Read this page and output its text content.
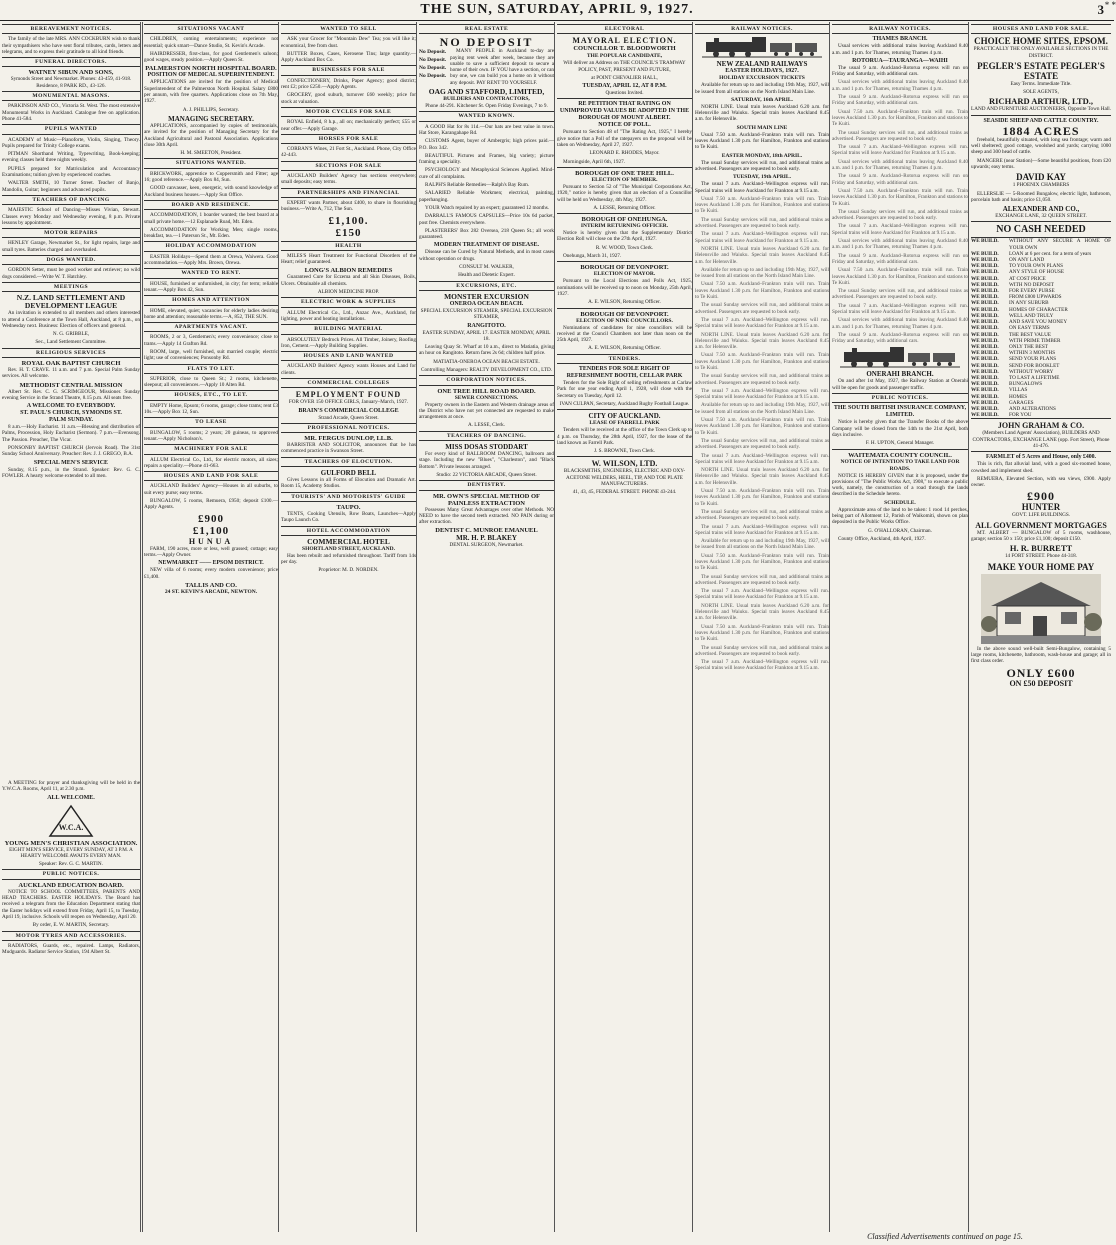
THE SUN, SATURDAY, APRIL 9, 1927.	3 * *
BEREAVEMENT NOTICES.

The family of the late MRS. ANN COCKBURN wish to thank their sympathisers who have sent floral tributes, cards, letters and telegrams, and to express their gratitude to all kind friends.

FUNERAL DIRECTORS.
WATNEY SIBUN AND SONS,

Symonds Street and Newmarket. Phones: 43-459, 41-918. Residence, 8 PARK RD., 43-126.

MONUMENTAL MASONS.

PARKINSON AND CO., Victoria St. West. The most extensive Monumental Works in Auckland. Catalogue free on application. Phone 41-584.

PUPILS WANTED

ACADEMY of Music—Pianoforte, Violin, Singing, Theory. Pupils prepared for Trinity College exams.

PITMAN Shorthand Writing, Typewriting, Book-keeping; evening classes held three nights weekly.

PUPILS prepared for Matriculation and Accountancy Examinations; tuition given by experienced coaches.

WALTER SMITH, 10 Turner Street. Teacher of Banjo, Mandolin, Guitar; beginners and advanced pupils.

TEACHERS OF DANCING

MAJESTIC School of Dancing—Misses Vivian, Stewart. Classes every Monday and Wednesday evening, 8 p.m. Private lessons by appointment.

MOTOR REPAIRS

HENLEY Garage, Newmarket St., for light repairs, large and small tyres. Batteries charged and overhauled.

DOGS WANTED.

GORDON Setter, must be good worker and retriever; no wild dogs considered.—Write W. T. Hatchley.

MEETINGS
N.Z. LAND SETTLEMENT AND DEVELOPMENT LEAGUE

An invitation is extended to all members and others interested to attend a Conference at the Town Hall, Auckland, at 8 p.m., on Wednesday next. Business: Election of officers and general.

N. G. GRIBBLE,

Sec., Land Settlement Committee.

RELIGIOUS SERVICES
ROYAL OAK BAPTIST CHURCH

Rev. H. T. CRAVE. 11 a.m. and 7 p.m. Special Palm Sunday services. All welcome.

METHODIST CENTRAL MISSION

Albert St. Rev. C. G. SCRIMGEOUR, Missioner. Sunday evening Service in the Strand Theatre, 8.15 p.m. All seats free.

A WELCOME TO EVERYBODY.
ST. PAUL'S CHURCH, SYMONDS ST.
PALM SUNDAY.

8 a.m.—Holy Eucharist. 11 a.m.—Blessing and distribution of Palms, Procession, Holy Eucharist (Sermon). 7 p.m.—Evensong. The Passion. Preacher, The Vicar.

PONSONBY BAPTIST CHURCH (Jervois Road). The 31st Sunday School Anniversary. Preacher: Rev. J. J. GREGO, B.A.

SPECIAL MEN'S SERVICE

Sunday, 8.15 p.m., in the Strand. Speaker: Rev. G. C. FOWLER. A hearty welcome extended to all men.

SITUATIONS VACANT

CHILDREN, coming entertainments; experience not essential; quick smart—Dance Studio, St. Kevin's Arcade.

HAIRDRESSER, first-class, for good Gentlemen's saloon; good wages, steady position.—Apply Queen St.

PALMERSTON NORTH HOSPITAL BOARD.
POSITION OF MEDICAL SUPERINTENDENT.

APPLICATIONS are invited for the position of Medical Superintendent of the Palmerston North Hospital. Salary £800 per annum, with free quarters. Applications close on 7th May, 1927.

A. J. PHILLIPS, Secretary.

MANAGING SECRETARY.

APPLICATIONS, accompanied by copies of testimonials, are invited for the position of Managing Secretary for the Auckland Agricultural and Pastoral Association. Applications close 30th April.

H. M. SMEETON, President.

SITUATIONS WANTED.

BRICKWORK, apprentice to Coppersmith and Fitter; age 16; good reference.—Apply Box 84, Sun.

GOOD canvasser, keen, energetic, with sound knowledge of Auckland business houses.—Apply Sun Office.

BOARD AND RESIDENCE.

ACCOMMODATION, 1 boarder wanted; the best board at a small private home.—12 Esplanade Road, Mt. Eden.

ACCOMMODATION for Working Men; single rooms, breakfast, tea.—1 Paterson St., Mt. Eden.

HOLIDAY ACCOMMODATION

EASTER Holidays—Spend them at Orewa, Waiwera. Good accommodation.—Apply Mrs. Brown, Orewa.

WANTED TO RENT.

HOUSE, furnished or unfurnished, in city; for term; reliable tenant.—Apply Box 42, Sun.

HOMES AND ATTENTION

HOME, elevated, quiet; vacancies for elderly ladies desiring home and attention; reasonable terms.—A, 852, THE SUN.

APARTMENTS VACANT.

ROOMS, 2 or 3, Gentlemen's; every convenience; close to trams.—Apply 14 Grafton Rd.

ROOM, large, well furnished, suit married couple; electric light; use of conveniences; Ponsonby Rd.

FLATS TO LET.

SUPERIOR, close to Queen St.; 2 rooms, kitchenette, sleepout; all conveniences.—Apply 10 Alten Rd.

HOUSES, ETC., TO LET.

EMPTY Home, Epsom; 6 rooms, garage; close trams; rent £3 10s.—Apply Box 12, Sun.

TO LEASE

BUNGALOW, 5 rooms; 2 years; 20 guineas, to approved tenant.—Apply Nicholson's.

MACHINERY FOR SALE

ALLUM Electrical Co., Ltd., for electric motors, all sizes; repairs a speciality.—Phone 41-663.

HOUSES AND LAND FOR SALE

AUCKLAND Builders' Agency—Houses in all suburbs, to suit every purse; easy terms.

BUNGALOW, 5 rooms, Remuera, £950; deposit £100.—Apply Agents.

£900
£1,100
HUNUA

FARM, 190 acres, more or less, well grassed; cottage; easy terms.—Apply Owner.

NEWMARKET —— EPSOM DISTRICT.

NEW villa of 6 rooms; every modern convenience; price £1,400.

TALLIS AND CO.
24 ST. KEVIN'S ARCADE, NEWTON.

A MEETING for prayer and thanksgiving will be held in the Y.W.C.A. Rooms, April 11, at 2.30 p.m.

ALL WELCOME.
W.C.A.
YOUNG MEN'S CHRISTIAN ASSOCIATION.

EIGHT MEN'S SERVICE, EVERY SUNDAY, AT 3 P.M. A HEARTY WELCOME AWAITS EVERY MAN.

Speaker: Rev. G. C. MARTIN.

PUBLIC NOTICES.
AUCKLAND EDUCATION BOARD.

NOTICE TO SCHOOL COMMITTEES, PARENTS AND HEAD TEACHERS. EASTER HOLIDAYS. The Board has received a telegram from the Education Department stating that the Easter holidays will extend from Friday, April 15, to Tuesday, April 19, inclusive. Schools will reopen on Wednesday, April 20.

By order, E. W. MARTIN, Secretary.

MOTOR TYRES AND ACCESSORIES.

RADIATORS, Guards, etc., repaired. Lamps, Radiators, Mudguards. Radiator Service Station, 194 Albert St.

WANTED TO SELL

ASK your Grocer for "Mountain Dew" Tea; you will like it; economical, free from dust.

BUTTER Boxes, Cases, Kerosene Tins; large quantity.—Apply Auckland Box Co.

BUSINESSES FOR SALE

CONFECTIONERY, Drinks, Paper Agency; good district; rent £2; price £250.—Apply Agents.

GROCERY, good suburb, turnover £60 weekly; price for stock at valuation.

MOTOR CYCLES FOR SALE

ROYAL Enfield, 8 h.p., all on; mechanically perfect; £55 or near offer.—Apply Garage.

HORSES FOR SALE

CORBAN'S Wines, 21 Fort St., Auckland. Phone, City Office 42-443.

SECTIONS FOR SALE

AUCKLAND Builders' Agency has sections everywhere; small deposits; easy terms.

PARTNERSHIPS AND FINANCIAL

EXPERT wants Partner, about £400, to share in flourishing business.—Write A, 712, The Sun.

£1,100.
£150
HEALTH

MILES'S Heart Treatment for Functional Disorders of the Heart; relief guaranteed.

LONG'S ALBION REMEDIES

Guaranteed Cure for Eczema and all Skin Diseases, Boils, Ulcers. Obtainable all chemists.

ALBION MEDICINE PROP.

ELECTRIC WORK & SUPPLIES

ALLUM Electrical Co., Ltd., Anzac Ave., Auckland, for lighting, power and heating installations.

BUILDING MATERIAL

ABSOLUTELY Bedrock Prices. All Timber, Joinery, Roofing Iron, Cement.—Apply Building Supplies.

HOUSES AND LAND WANTED

AUCKLAND Builders' Agency wants Houses and Land for clients.

COMMERCIAL COLLEGES
EMPLOYMENT FOUND

FOR OVER 150 OFFICE GIRLS, January–March, 1927.

BRAIN'S COMMERCIAL COLLEGE

Strand Arcade, Queen Street.

PROFESSIONAL NOTICES.
MR. FERGUS DUNLOP, LL.B.

BARRISTER AND SOLICITOR, announces that he has commenced practice in Swanson Street.

TEACHERS OF ELOCUTION.
GULFORD BELL

Gives Lessons in all Forms of Elocution and Dramatic Art. Room 15, Academy Studios.

TOURISTS' AND MOTORISTS' GUIDE
TAUPO.

TENTS, Cooking Utensils, Row Boats, Launches—Apply Taupo Launch Co.

HOTEL ACCOMMODATION
COMMERCIAL HOTEL
SHORTLAND STREET, AUCKLAND.

Has been rebuilt and refurnished throughout. Tariff from 14s per day.

Proprietor: M. D. NORDEN.

REAL ESTATE
NO DEPOSIT
No Deposit.
No Deposit.
No Deposit.
No Deposit.

MANY PEOPLE in Auckland to-day are paying rent week after week, because they are unable to save a sufficient deposit to secure a home of their own. IF YOU have a section, or can buy one, we can build you a home on it without any deposit. PAY RENT TO YOURSELF.

OAG AND STAFFORD, LIMITED,
BUILDERS AND CONTRACTORS,

Phone 44-291. Kitchener St. Open Friday Evenings, 7 to 9.

WANTED KNOWN.

A GOOD Hat for 8s 11d.—Our hats are best value in town. Hat Store, Karangahape Rd.

CUSTOMS Agent, buyer of Ambergris; high prices paid.—P.O. Box 342.

BEAUTIFUL Pictures and Frames, big variety; picture framing a speciality.

PSYCHOLOGY and Metaphysical Sciences Applied. Mind-cure of all complaints.

RALPH'S Reliable Remedies—Ralph's Bay Rum.

SALARIED Reliable Workmen; electrical, painting, paperhanging.

YOUR Watch repaired by an expert; guaranteed 12 months.

DARRALL'S FAMOUS CAPSULES—Price 10s 6d packet, post free. Chemists everywhere.

PLASTERERS' Box 282 Oversea, 218 Queen St.; all work guaranteed.

MODERN TREATMENT OF DISEASE.

Disease can be Cured by Natural Methods, and in most cases without operation or drugs.

CONSULT M. WALKER,

Health and Dietetic Expert.

EXCURSIONS, ETC.
MONSTER EXCURSION
ONEROA OCEAN BEACH.

SPECIAL EXCURSION STEAMER, SPECIAL EXCURSION STEAMER,

RANGITOTO.

EASTER SUNDAY, APRIL 17. EASTER MONDAY, APRIL 18.

Leaving Quay St. Wharf at 10 a.m., direct to Matiatia, giving an hour on Rangitoto. Return fares 2s 6d; children half price.

MATIATIA-ONEROA OCEAN BEACH ESTATE.

Controlling Managers: REALTY DEVELOPMENT CO., LTD.

CORPORATION NOTICES.
ONE TREE HILL ROAD BOARD.
SEWER CONNECTIONS.

Property owners in the Eastern and Western drainage areas of the District who have not yet connected are requested to make arrangements at once.

A. LESSE, Clerk.

TEACHERS OF DANCING.
MISS DOSAS STODDART

For every kind of BALLROOM DANCING, ballroom and stage. Including the new "Blues", "Charleston", and "Black Bottom". Private lessons arranged.

Studio: 22 VICTORIA ARCADE, Queen Street.

DENTISTRY.
MR. OWN'S SPECIAL METHOD OF PAINLESS EXTRACTION

Possesses Many Great Advantages over other Methods. NO NEED to have the second teeth extracted. NO PAIN during or after extraction.

DENTIST C. MUNROE EMANUEL
MR. H. P. BLAKEY

DENTAL SURGEON, Newmarket.

ELECTORAL
MAYORAL ELECTION.
COUNCILLOR T. BLOODWORTH
THE POPULAR CANDIDATE,

Will deliver an Address on THE COUNCIL'S TRAMWAY POLICY, PAST, PRESENT AND FUTURE,

at POINT CHEVALIER HALL,

TUESDAY, APRIL 12, AT 8 P.M.

Questions Invited.

RE PETITION THAT RATING ON UNIMPROVED VALUES BE ADOPTED IN THE BOROUGH OF MOUNT ALBERT.
NOTICE OF POLL.

Pursuant to Section 48 of "The Rating Act, 1925," I hereby give notice that a Poll of the ratepayers on the proposal will be taken on Wednesday, April 27, 1927.

LEONARD E. RHODES, Mayor.

Morningside, April 6th, 1927.

BOROUGH OF ONE TREE HILL.
ELECTION OF MEMBER.

Pursuant to Section 52 of "The Municipal Corporations Act, 1920," notice is hereby given that an election of a Councillor will be held on Wednesday, 4th May, 1927.

A. LESSE, Returning Officer.

BOROUGH OF ONEHUNGA.
INTERIM RETURNING OFFICER.

Notice is hereby given that the Supplementary District Election Roll will close on the 27th April, 1927.

R. W. WOOD, Town Clerk.

Onehunga, March 31, 1927.

BOROUGH OF DEVONPORT.
ELECTION OF MAYOR.

Pursuant to the Local Elections and Polls Act, 1925, nominations will be received up to noon on Monday, 25th April, 1927.

A. E. WILSON, Returning Officer.

BOROUGH OF DEVONPORT.
ELECTION OF NINE COUNCILLORS.

Nominations of candidates for nine councillors will be received at the Council Chambers not later than noon on the 25th April, 1927.

A. E. WILSON, Returning Officer.

TENDERS.
TENDERS FOR SOLE RIGHT OF REFRESHMENT BOOTH, CELLAR PARK

Tenders for the Sole Right of selling refreshments at Carlaw Park for one year ending April 1, 1928, will close with the Secretary on Tuesday, April 12.

IVAN CULPAN, Secretary, Auckland Rugby Football League.

CITY OF AUCKLAND.
LEASE OF FARRELL PARK

Tenders will be received at the office of the Town Clerk up to 4 p.m. on Thursday, the 28th April, 1927, for the lease of the land known as Farrell Park.

J. S. BROWNE, Town Clerk.

W. WILSON, LTD.

BLACKSMITHS, ENGINEERS, ELECTRIC AND OXY-ACETONE WELDERS, HEEL, TIP, AND TOE PLATE MANUFACTURERS.

41, 43, 45, FEDERAL STREET. PHONE 43-244.

RAILWAY NOTICES.
NEW ZEALAND RAILWAYS
EASTER HOLIDAYS, 1927.
HOLIDAY EXCURSION TICKETS

Available for return up to and including 19th May, 1927, will be issued from all stations on the North Island Main Line.

SATURDAY, 16th APRIL.

NORTH LINE. Usual train leaves Auckland 6.20 a.m. for Helensville and Waiuku. Special train leaves Auckland 8.45 a.m. for Helensville.

SOUTH MAIN LINE

Usual 7.50 a.m. Auckland–Frankton train will run. Train leaves Auckland 1.30 p.m. for Hamilton, Frankton and stations to Te Kuiti.

EASTER MONDAY, 18th APRIL.

The usual Sunday services will run, and additional trains as advertised. Passengers are requested to book early.

TUESDAY, 19th APRIL.

The usual 7 a.m. Auckland–Wellington express will run. Special trains will leave Auckland for Frankton at 9.15 a.m.

Usual 7.50 a.m. Auckland–Frankton train will run. Train leaves Auckland 1.30 p.m. for Hamilton, Frankton and stations to Te Kuiti.

The usual Sunday services will run, and additional trains as advertised. Passengers are requested to book early.

The usual 7 a.m. Auckland–Wellington express will run. Special trains will leave Auckland for Frankton at 9.15 a.m.

NORTH LINE. Usual train leaves Auckland 6.20 a.m. for Helensville and Waiuku. Special train leaves Auckland 8.45 a.m. for Helensville.

Available for return up to and including 19th May, 1927, will be issued from all stations on the North Island Main Line.

Usual 7.50 a.m. Auckland–Frankton train will run. Train leaves Auckland 1.30 p.m. for Hamilton, Frankton and stations to Te Kuiti.

The usual Sunday services will run, and additional trains as advertised. Passengers are requested to book early.

The usual 7 a.m. Auckland–Wellington express will run. Special trains will leave Auckland for Frankton at 9.15 a.m.

NORTH LINE. Usual train leaves Auckland 6.20 a.m. for Helensville and Waiuku. Special train leaves Auckland 8.45 a.m. for Helensville.

Usual 7.50 a.m. Auckland–Frankton train will run. Train leaves Auckland 1.30 p.m. for Hamilton, Frankton and stations to Te Kuiti.

The usual Sunday services will run, and additional trains as advertised. Passengers are requested to book early.

The usual 7 a.m. Auckland–Wellington express will run. Special trains will leave Auckland for Frankton at 9.15 a.m.

Available for return up to and including 19th May, 1927, will be issued from all stations on the North Island Main Line.

Usual 7.50 a.m. Auckland–Frankton train will run. Train leaves Auckland 1.30 p.m. for Hamilton, Frankton and stations to Te Kuiti.

The usual Sunday services will run, and additional trains as advertised. Passengers are requested to book early.

The usual 7 a.m. Auckland–Wellington express will run. Special trains will leave Auckland for Frankton at 9.15 a.m.

NORTH LINE. Usual train leaves Auckland 6.20 a.m. for Helensville and Waiuku. Special train leaves Auckland 8.45 a.m. for Helensville.

Usual 7.50 a.m. Auckland–Frankton train will run. Train leaves Auckland 1.30 p.m. for Hamilton, Frankton and stations to Te Kuiti.

The usual Sunday services will run, and additional trains as advertised. Passengers are requested to book early.

The usual 7 a.m. Auckland–Wellington express will run. Special trains will leave Auckland for Frankton at 9.15 a.m.

Available for return up to and including 19th May, 1927, will be issued from all stations on the North Island Main Line.

Usual 7.50 a.m. Auckland–Frankton train will run. Train leaves Auckland 1.30 p.m. for Hamilton, Frankton and stations to Te Kuiti.

The usual Sunday services will run, and additional trains as advertised. Passengers are requested to book early.

The usual 7 a.m. Auckland–Wellington express will run. Special trains will leave Auckland for Frankton at 9.15 a.m.

NORTH LINE. Usual train leaves Auckland 6.20 a.m. for Helensville and Waiuku. Special train leaves Auckland 8.45 a.m. for Helensville.

Usual 7.50 a.m. Auckland–Frankton train will run. Train leaves Auckland 1.30 p.m. for Hamilton, Frankton and stations to Te Kuiti.

The usual Sunday services will run, and additional trains as advertised. Passengers are requested to book early.

The usual 7 a.m. Auckland–Wellington express will run. Special trains will leave Auckland for Frankton at 9.15 a.m.

RAILWAY NOTICES.
THAMES BRANCH.

Usual services with additional trains leaving Auckland 8.40 a.m. and 1 p.m. for Thames, returning Thames 4 p.m.

ROTORUA—TAURANGA—WAIHI

The usual 9 a.m. Auckland–Rotorua express will run on Friday and Saturday, with additional cars.

Usual services with additional trains leaving Auckland 8.40 a.m. and 1 p.m. for Thames, returning Thames 4 p.m.

The usual 9 a.m. Auckland–Rotorua express will run on Friday and Saturday, with additional cars.

Usual 7.50 a.m. Auckland–Frankton train will run. Train leaves Auckland 1.30 p.m. for Hamilton, Frankton and stations to Te Kuiti.

The usual Sunday services will run, and additional trains as advertised. Passengers are requested to book early.

The usual 7 a.m. Auckland–Wellington express will run. Special trains will leave Auckland for Frankton at 9.15 a.m.

Usual services with additional trains leaving Auckland 8.40 a.m. and 1 p.m. for Thames, returning Thames 4 p.m.

The usual 9 a.m. Auckland–Rotorua express will run on Friday and Saturday, with additional cars.

Usual 7.50 a.m. Auckland–Frankton train will run. Train leaves Auckland 1.30 p.m. for Hamilton, Frankton and stations to Te Kuiti.

The usual Sunday services will run, and additional trains as advertised. Passengers are requested to book early.

The usual 7 a.m. Auckland–Wellington express will run. Special trains will leave Auckland for Frankton at 9.15 a.m.

Usual services with additional trains leaving Auckland 8.40 a.m. and 1 p.m. for Thames, returning Thames 4 p.m.

The usual 9 a.m. Auckland–Rotorua express will run on Friday and Saturday, with additional cars.

Usual 7.50 a.m. Auckland–Frankton train will run. Train leaves Auckland 1.30 p.m. for Hamilton, Frankton and stations to Te Kuiti.

The usual Sunday services will run, and additional trains as advertised. Passengers are requested to book early.

The usual 7 a.m. Auckland–Wellington express will run. Special trains will leave Auckland for Frankton at 9.15 a.m.

Usual services with additional trains leaving Auckland 8.40 a.m. and 1 p.m. for Thames, returning Thames 4 p.m.

The usual 9 a.m. Auckland–Rotorua express will run on Friday and Saturday, with additional cars.

ONERAHI BRANCH.

On and after 1st May, 1927, the Railway Station at Onerahi will be open for goods and passenger traffic.

PUBLIC NOTICES.
THE SOUTH BRITISH INSURANCE COMPANY, LIMITED.

Notice is hereby given that the Transfer Books of the above Company will be closed from the 14th to the 21st April, both days inclusive.

F. H. UPTON, General Manager.

WAITEMATA COUNTY COUNCIL.
NOTICE OF INTENTION TO TAKE LAND FOR ROADS.

NOTICE IS HEREBY GIVEN that it is proposed, under the provisions of "The Public Works Act, 1908," to execute a public work, namely, the construction of a road through the lands described in the Schedule hereto.

SCHEDULE.

Approximate area of the land to be taken: 1 rood 14 perches, being part of Allotment 12, Parish of Waikomiti, shown on plan deposited in the Public Works Office.

G. O'HALLORAN, Chairman.

County Office, Auckland, 4th April, 1927.

HOUSES AND LAND FOR SALE.
CHOICE HOME SITES, EPSOM.

PRACTICALLY THE ONLY AVAILABLE SECTIONS IN THE DISTRICT.

PEGLER'S ESTATE PEGLER'S ESTATE

Easy Terms. Immediate Title.

SOLE AGENTS,

RICHARD ARTHUR, LTD.,

LAND AND FURNITURE AUCTIONEERS, Opposite Town Hall.

SEASIDE SHEEP AND CATTLE COUNTRY.
1884 ACRES

freehold, beautifully situated, with long sea frontage; warm and well sheltered; good cottage, woolshed and yards; carrying 1000 sheep and 300 head of cattle.

MANGERE (near Station)—Some beautiful positions, from £20 upwards; easy terms.

DAVID KAY

1 PHOENIX CHAMBERS

ELLERSLIE — 5-Roomed Bungalow, electric light, bathroom, porcelain bath and basin; price £1,050.

ALEXANDER AND CO.,

EXCHANGE LANE, 32 QUEEN STREET.

NO CASH NEEDED
WE BUILD.	WITHOUT ANY SECURE A HOME OF YOUR OWN
WE BUILD.	LOAN at 6 per cent. for a term of years
WE BUILD.	ON ANY LAND
WE BUILD.	TO YOUR OWN PLANS
WE BUILD.	ANY STYLE OF HOUSE
WE BUILD.	AT COST PRICE
WE BUILD.	WITH NO DEPOSIT
WE BUILD.	FOR EVERY PURSE
WE BUILD.	FROM £800 UPWARDS
WE BUILD.	IN ANY SUBURB
WE BUILD.	HOMES OF CHARACTER
WE BUILD.	WELL AND TRULY
WE BUILD.	AND SAVE YOU MONEY
WE BUILD.	ON EASY TERMS
WE BUILD.	THE BEST VALUE
WE BUILD.	WITH PRIME TIMBER
WE BUILD.	ONLY THE BEST
WE BUILD.	WITHIN 3 MONTHS
WE BUILD.	SEND YOUR PLANS
WE BUILD.	SEND FOR BOOKLET
WE BUILD.	WITHOUT WORRY
WE BUILD.	TO LAST A LIFETIME
WE BUILD.	BUNGALOWS
WE BUILD.	VILLAS
WE BUILD.	HOMES
WE BUILD.	GARAGES
WE BUILD.	AND ALTERATIONS
WE BUILD.	FOR YOU
JOHN GRAHAM & CO.

(Members Land Agents' Association), BUILDERS AND CONTRACTORS, EXCHANGE LANE (opp. Fort Street), Phone 41-476.

FARMLET of 5 Acres and House, only £400.

This is rich, flat alluvial land, with a good six-roomed house, cowshed and implement shed.

REMUERA, Elevated Section, with sea views, £900. Apply owner.

£900
HUNTER

GOVT. LIFE BUILDINGS.

ALL GOVERNMENT MORTGAGES

MT. ALBERT — BUNGALOW of 5 rooms, washhouse, garage; section 50 x 150; price £1,100; deposit £150.

H. R. BURRETT

14 FORT STREET. Phone 44-318.

MAKE YOUR HOME PAY

In the above sound well-built Semi-Bungalow, containing 5 large rooms, kitchenette, bathroom, wash-house and garage; all in first class order.

ONLY £600
ON £50 DEPOSIT
Classified Advertisements continued on page 15.
